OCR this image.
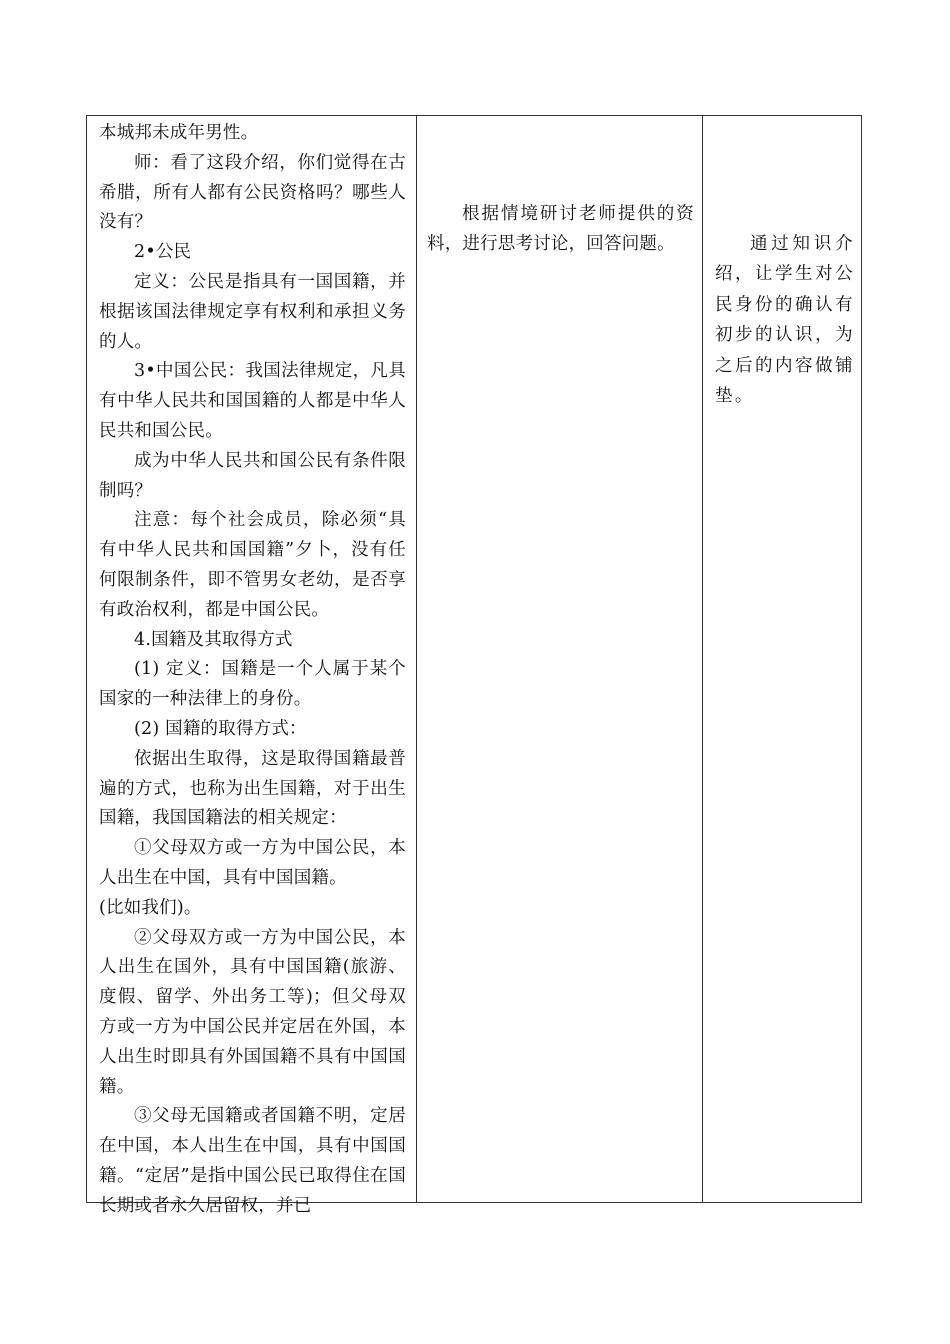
本城邦未成年男性。

师：看了这段介绍，你们觉得在古希腊，所有人都有公民资格吗？哪些人没有？

2•公民

定义：公民是指具有一国国籍，并根据该国法律规定享有权利和承担义务的人。

3•中国公民：我国法律规定，凡具有中华人民共和国国籍的人都是中华人民共和国公民。

成为中华人民共和国公民有条件限制吗？

注意：每个社会成员，除必须“具有中华人民共和国国籍”夕卜，没有任何限制条件，即不管男女老幼，是否享有政治权利，都是中国公民。

4.国籍及其取得方式

(1) 定义：国籍是一个人属于某个国家的一种法律上的身份。

(2) 国籍的取得方式：

依据出生取得，这是取得国籍最普遍的方式，也称为出生国籍，对于出生国籍，我国国籍法的相关规定：

①父母双方或一方为中国公民，本人出生在中国，具有中国国籍。

(比如我们)。

②父母双方或一方为中国公民，本人出生在国外，具有中国国籍(旅游、度假、留学、外出务工等)；但父母双方或一方为中国公民并定居在外国，本人出生时即具有外国国籍不具有中国国籍。

③父母无国籍或者国籍不明，定居在中国，本人出生在中国，具有中国国籍。“定居”是指中国公民已取得住在国长期或者永久居留权，并已

根据情境研讨老师提供的资料，进行思考讨论，回答问题。	通过知识介绍，让学生对公民身份的确认有初步的认识，为之后的内容做铺垫。
